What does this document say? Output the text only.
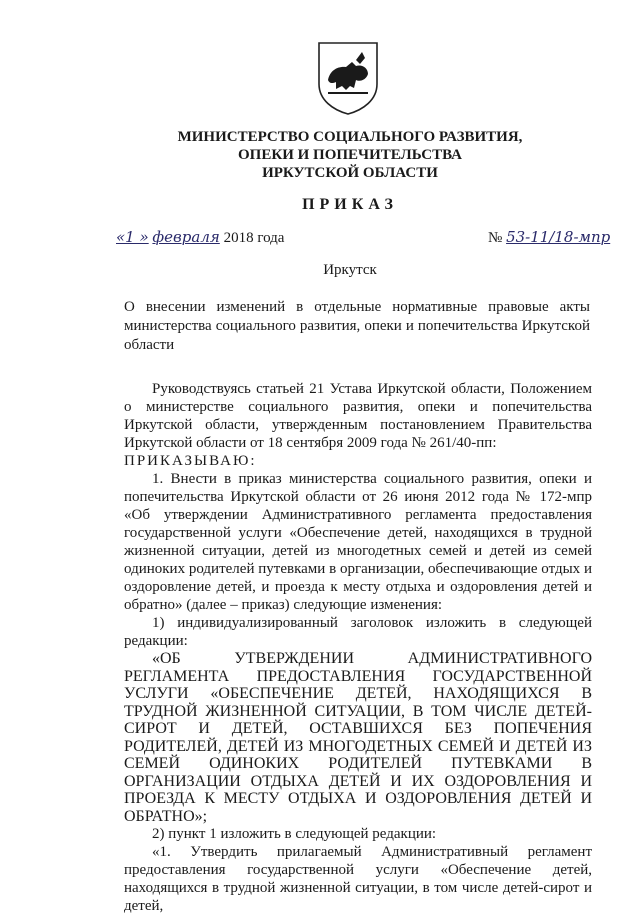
МИНИСТЕРСТВО СОЦИАЛЬНОГО РАЗВИТИЯ,
ОПЕКИ И ПОПЕЧИТЕЛЬСТВА
ИРКУТСКОЙ ОБЛАСТИ
ПРИКАЗ
«1 » февраля 2018 года	№ 53-11/18-мпр
Иркутск
О внесении изменений в отдельные нормативные правовые акты министерства социального развития, опеки и попечительства Иркутской области

Руководствуясь статьей 21 Устава Иркутской области, Положением о министерстве социального развития, опеки и попечительства Иркутской области, утвержденным постановлением Правительства Иркутской области от 18 сентября 2009 года № 261/40-пп:

ПРИКАЗЫВАЮ:

1. Внести в приказ министерства социального развития, опеки и попечительства Иркутской области от 26 июня 2012 года № 172-мпр «Об утверждении Административного регламента предоставления государственной услуги «Обеспечение детей, находящихся в трудной жизненной ситуации, детей из многодетных семей и детей из семей одиноких родителей путевками в организации, обеспечивающие отдых и оздоровление детей, и проезда к месту отдыха и оздоровления детей и обратно» (далее – приказ) следующие изменения:

1) индивидуализированный заголовок изложить в следующей редакции:

«ОБ УТВЕРЖДЕНИИ АДМИНИСТРАТИВНОГО РЕГЛАМЕНТА ПРЕДОСТАВЛЕНИЯ ГОСУДАРСТВЕННОЙ УСЛУГИ «ОБЕСПЕЧЕНИЕ ДЕТЕЙ, НАХОДЯЩИХСЯ В ТРУДНОЙ ЖИЗНЕННОЙ СИТУАЦИИ, В ТОМ ЧИСЛЕ ДЕТЕЙ-СИРОТ И ДЕТЕЙ, ОСТАВШИХСЯ БЕЗ ПОПЕЧЕНИЯ РОДИТЕЛЕЙ, ДЕТЕЙ ИЗ МНОГОДЕТНЫХ СЕМЕЙ И ДЕТЕЙ ИЗ СЕМЕЙ ОДИНОКИХ РОДИТЕЛЕЙ ПУТЕВКАМИ В ОРГАНИЗАЦИИ ОТДЫХА ДЕТЕЙ И ИХ ОЗДОРОВЛЕНИЯ И ПРОЕЗДА К МЕСТУ ОТДЫХА И ОЗДОРОВЛЕНИЯ ДЕТЕЙ И ОБРАТНО»;

2) пункт 1 изложить в следующей редакции:

«1. Утвердить прилагаемый Административный регламент предоставления государственной услуги «Обеспечение детей, находящихся в трудной жизненной ситуации, в том числе детей-сирот и детей,
